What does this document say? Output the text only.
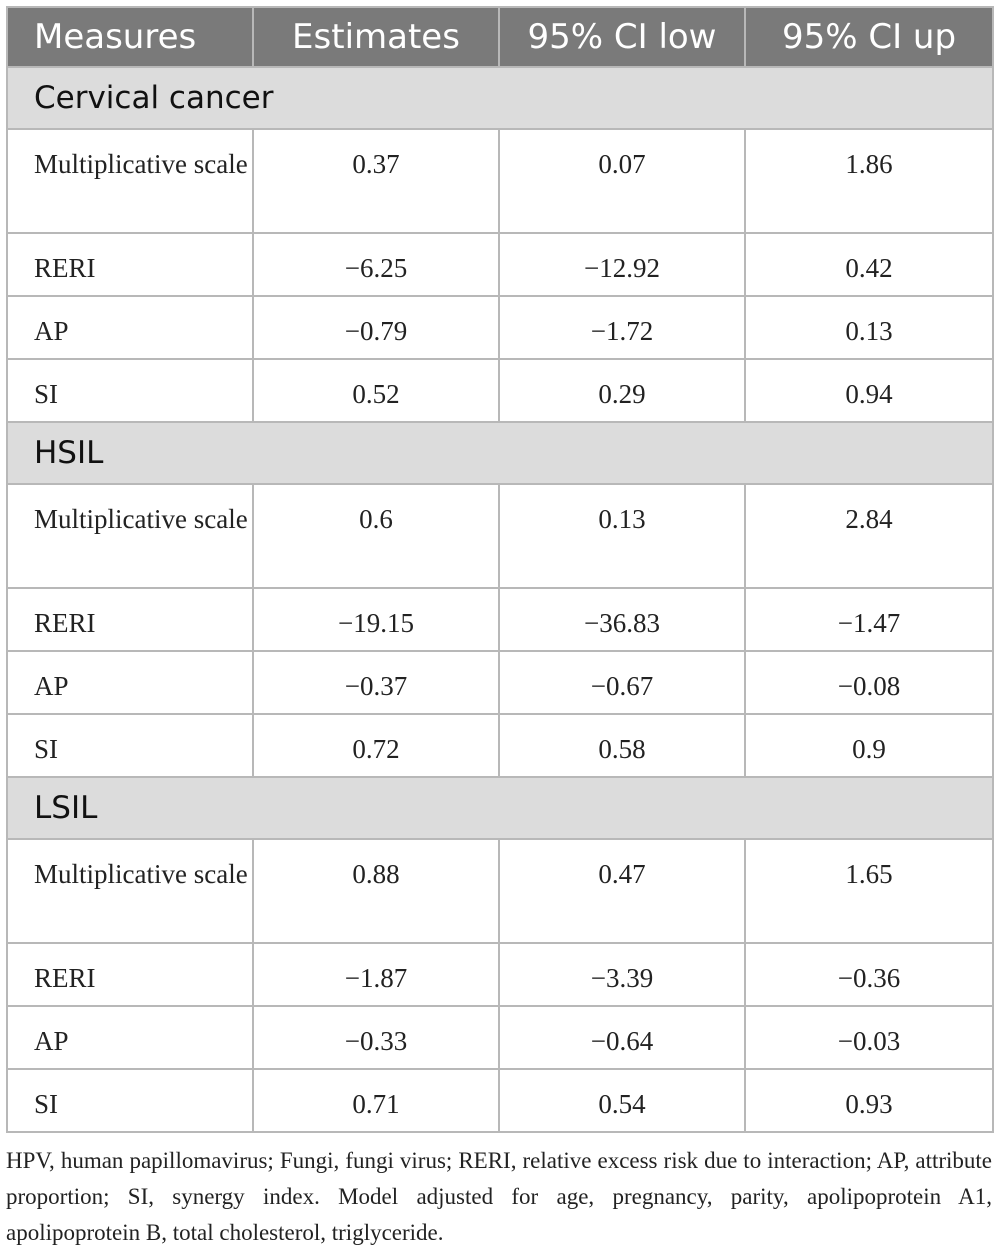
Measures	Estimates	95% CI low	95% CI up
Cervical cancer			
Multiplicative scale	0.37	0.07	1.86
RERI	−6.25	−12.92	0.42
AP	−0.79	−1.72	0.13
SI	0.52	0.29	0.94
HSIL			
Multiplicative scale	0.6	0.13	2.84
RERI	−19.15	−36.83	−1.47
AP	−0.37	−0.67	−0.08
SI	0.72	0.58	0.9
LSIL			
Multiplicative scale	0.88	0.47	1.65
RERI	−1.87	−3.39	−0.36
AP	−0.33	−0.64	−0.03
SI	0.71	0.54	0.93

HPV, human papillomavirus; Fungi, fungi virus; RERI, relative excess risk due to interaction; AP, attribute proportion; SI, synergy index. Model adjusted for age, pregnancy, parity, apolipoprotein A1, apolipoprotein B, total cholesterol, triglyceride.
